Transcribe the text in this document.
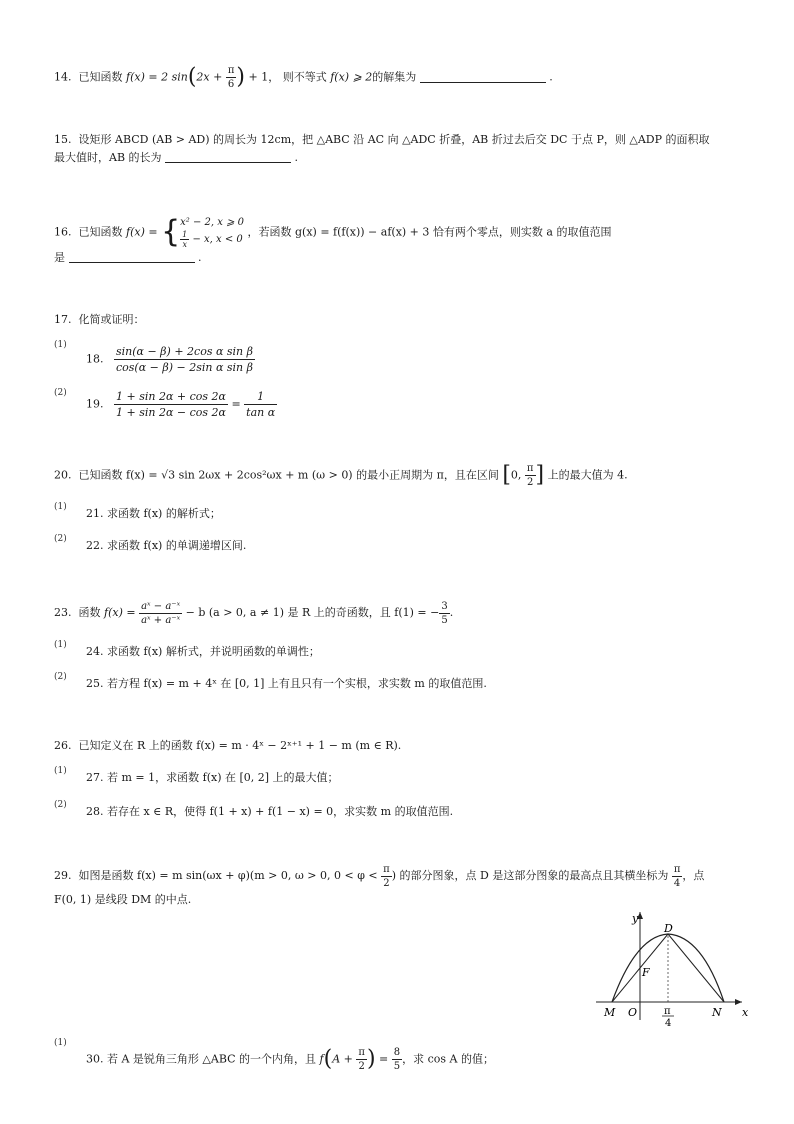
14. 已知函数 f(x) = 2 $\sin(2x + \frac{\pi}{6}$ ) + 1， 则不等式 f(x) ⩾ 2的解集为	.
15. 设矩形 ABCD (AB > AD) 的周长为 12cm，把 △ABC 沿 AC 向 △ADC 折叠，AB 折过去后交 DC 于点 P，则 △ADP 的面积取
最大值时，AB 的长为	.
16. 已知函数 f(x) = { x² − 2, x ⩾ 0
$\frac{1}{x} - x$, x < 0
，若函数 g(x) = f(f(x)) − af(x) + 3 恰有两个零点，则实数 a 的取值范围
是	.
17. 化简或证明：
(1)
18. $\frac{\text{sin(α − β) + 2cos α sin β}}{\text{cos(α − β) − 2sin α sin β}}$
(2)
19. $\frac{1 + \sin 2\alpha + \cos 2\alpha}{1 + \sin 2\alpha - \cos 2\alpha} = \frac{1}{\text{tan α}}$
20. 已知函数 f(x) = √3 sin 2ωx + 2cos²ωx + m (ω > 0) 的最小正周期为 π，且在区间 [0, $\frac{\pi}{2}$ ] 上的最大值为 4.
(1) 21. 求函数 f(x) 的解析式；
(2) 22. 求函数 f(x) 的单调递增区间.
23. 函数 $f(x) = \frac{\text{aˣ − a⁻ˣ}}{\text{aˣ + a⁻ˣ}} - b$ (a > 0, a ≠ 1) 是 R 上的奇函数，且 f(1) = − $\frac{3}{5}$ .
(1) 24. 求函数 f(x) 解析式，并说明函数的单调性；
(2) 25. 若方程 f(x) = m + 4ˣ 在 [0, 1] 上有且只有一个实根，求实数 m 的取值范围.
26. 已知定义在 R 上的函数 f(x) = m · 4ˣ − 2ˣ⁺¹ + 1 − m (m ∈ R).
(1) 27. 若 m = 1，求函数 f(x) 在 [0, 2] 上的最大值；
(2) 28. 若存在 x ∈ R，使得 f(1 + x) + f(1 − x) = 0，求实数 m 的取值范围.
29. 如图是函数 f(x) = m sin(ωx + φ)(m > 0, ω > 0, $0 < \varphi < \frac{\pi}{2}$ ) 的部分图象，点 D 是这部分图象的最高点且其横坐标为 $\frac{\pi}{4}$ ，点
F(0, 1) 是线段 DM 的中点.
y
x
D
F
M O	N
π
4
(1)
30. 若 A 是锐角三角形 △ABC 的一个内角，且 $f(A + \frac{\pi}{2}$ ) = $\frac{8}{5}$ ，求 cos A 的值；
